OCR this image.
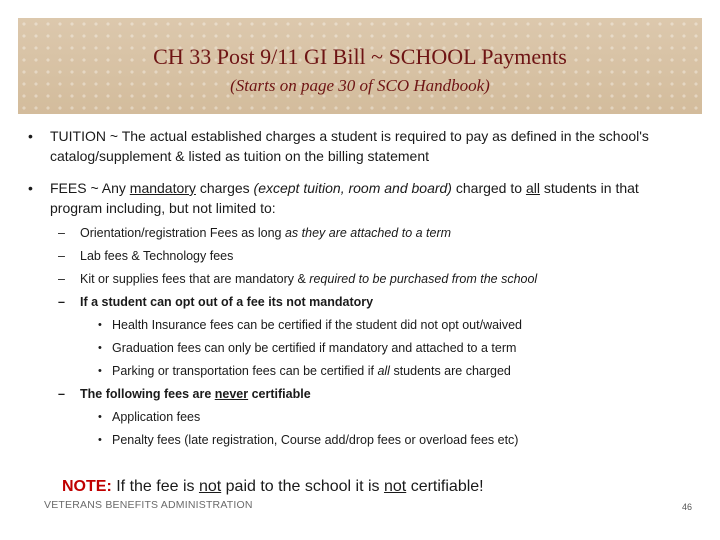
CH 33 Post 9/11 GI Bill ~ SCHOOL Payments
(Starts on page 30 of SCO Handbook)
• TUITION ~ The actual established charges a student is required to pay as defined in the school's catalog/supplement & listed as tuition on the billing statement
• FEES ~ Any mandatory charges (except tuition, room and board) charged to all students in that program including, but not limited to:
– Orientation/registration Fees as long as they are attached to a term
– Lab fees & Technology fees
– Kit or supplies fees that are mandatory & required to be purchased from the school
– If a student can opt out of a fee its not mandatory
• Health Insurance fees can be certified if the student did not opt out/waived
• Graduation fees can only be certified if mandatory and attached to a term
• Parking or transportation fees can be certified if all students are charged
– The following fees are never certifiable
• Application fees
• Penalty fees (late registration, Course add/drop fees or overload fees etc)
NOTE: If the fee is not paid to the school it is not certifiable!
VETERANS BENEFITS ADMINISTRATION	46
